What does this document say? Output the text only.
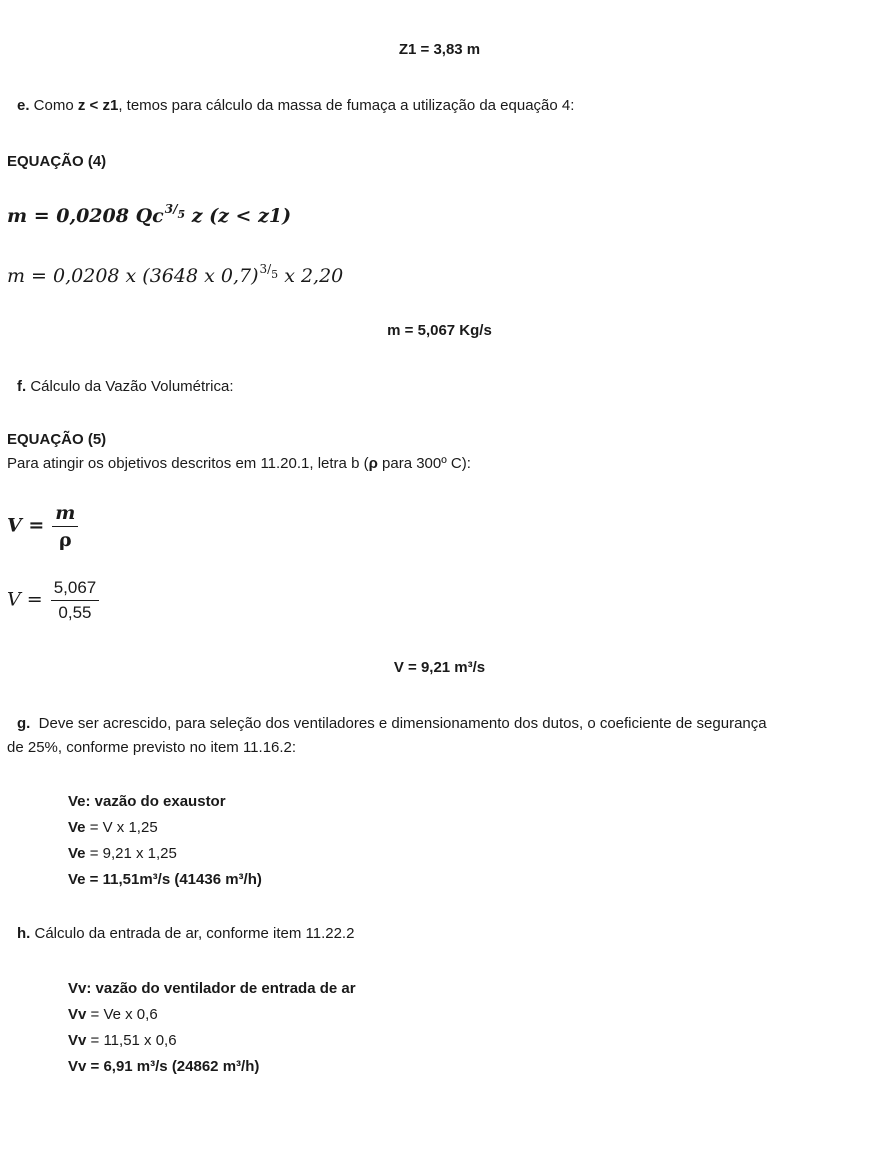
Z1 = 3,83 m
e. Como z < z1, temos para cálculo da massa de fumaça a utilização da equação 4:
EQUAÇÃO (4)
m = 0,0208 $Qc^{3/5}$ z (z < z1)
m = 0,0208 x (3648 x 0,7)$^{3/5}$ x 2,20
m = 5,067 Kg/s
f. Cálculo da Vazão Volumétrica:
EQUAÇÃO (5)
Para atingir os objetivos descritos em 11.20.1, letra b (ρ para 300º C):
$V = \frac{m}{\rho}$
$V = \frac{5,067}{0,55}$
V = 9,21 m³/s
g.  Deve ser acrescido, para seleção dos ventiladores e dimensionamento dos dutos, o coeficiente de segurança
de 25%, conforme previsto no item 11.16.2:
Ve: vazão do exaustor
Ve = V x 1,25
Ve = 9,21 x 1,25
Ve = 11,51m³/s (41436 m³/h)
h. Cálculo da entrada de ar, conforme item 11.22.2
Vv: vazão do ventilador de entrada de ar
Vv = Ve x 0,6
Vv = 11,51 x 0,6
Vv = 6,91 m³/s (24862 m³/h)
